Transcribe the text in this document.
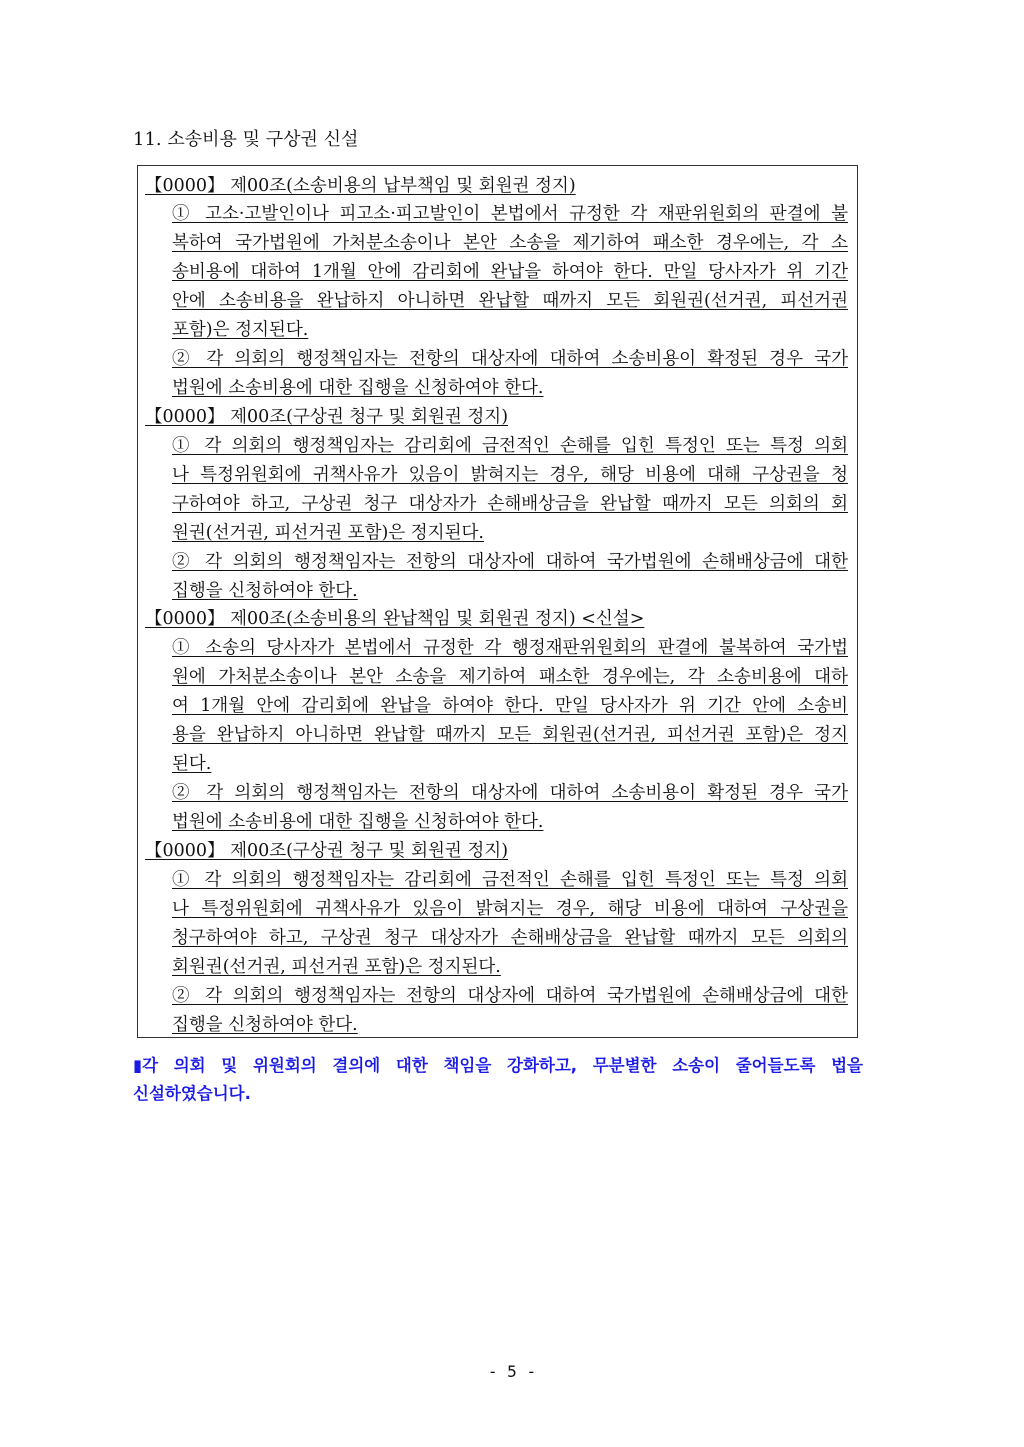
11. 소송비용 및 구상권 신설
【0000】 제00조(소송비용의 납부책임 및 회원권 정지)
① 고소·고발인이나 피고소·피고발인이 본법에서 규정한 각 재판위원회의 판결에 불
복하여 국가법원에 가처분소송이나 본안 소송을 제기하여 패소한 경우에는, 각 소
송비용에 대하여 1개월 안에 감리회에 완납을 하여야 한다. 만일 당사자가 위 기간
안에 소송비용을 완납하지 아니하면 완납할 때까지 모든 회원권(선거권, 피선거권
포함)은 정지된다.
② 각 의회의 행정책임자는 전항의 대상자에 대하여 소송비용이 확정된 경우 국가
법원에 소송비용에 대한 집행을 신청하여야 한다.
【0000】 제00조(구상권 청구 및 회원권 정지)
① 각 의회의 행정책임자는 감리회에 금전적인 손해를 입힌 특정인 또는 특정 의회
나 특정위원회에 귀책사유가 있음이 밝혀지는 경우, 해당 비용에 대해 구상권을 청
구하여야 하고, 구상권 청구 대상자가 손해배상금을 완납할 때까지 모든 의회의 회
원권(선거권, 피선거권 포함)은 정지된다.
② 각 의회의 행정책임자는 전항의 대상자에 대하여 국가법원에 손해배상금에 대한
집행을 신청하여야 한다.
【0000】 제00조(소송비용의 완납책임 및 회원권 정지) <신설>
① 소송의 당사자가 본법에서 규정한 각 행정재판위원회의 판결에 불복하여 국가법
원에 가처분소송이나 본안 소송을 제기하여 패소한 경우에는, 각 소송비용에 대하
여 1개월 안에 감리회에 완납을 하여야 한다. 만일 당사자가 위 기간 안에 소송비
용을 완납하지 아니하면 완납할 때까지 모든 회원권(선거권, 피선거권 포함)은 정지
된다.
② 각 의회의 행정책임자는 전항의 대상자에 대하여 소송비용이 확정된 경우 국가
법원에 소송비용에 대한 집행을 신청하여야 한다.
【0000】 제00조(구상권 청구 및 회원권 정지)
① 각 의회의 행정책임자는 감리회에 금전적인 손해를 입힌 특정인 또는 특정 의회
나 특정위원회에 귀책사유가 있음이 밝혀지는 경우, 해당 비용에 대하여 구상권을
청구하여야 하고, 구상권 청구 대상자가 손해배상금을 완납할 때까지 모든 의회의
회원권(선거권, 피선거권 포함)은 정지된다.
② 각 의회의 행정책임자는 전항의 대상자에 대하여 국가법원에 손해배상금에 대한
집행을 신청하여야 한다.
▮각 의회 및 위원회의 결의에 대한 책임을 강화하고, 무분별한 소송이 줄어들도록 법을
신설하였습니다.
- 5 -
